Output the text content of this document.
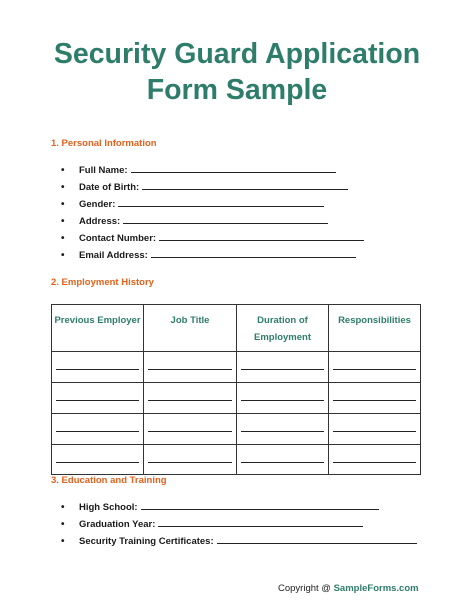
Security Guard Application
Form Sample
1. Personal Information
• Full Name:
• Date of Birth:
• Gender:
• Address:
• Contact Number:
• Email Address:
2. Employment History
Previous Employer	Job Title	Duration of Employment
Responsibilities
3. Education and Training
• High School:
• Graduation Year:
• Security Training Certificates:
Copyright @ SampleForms.com
